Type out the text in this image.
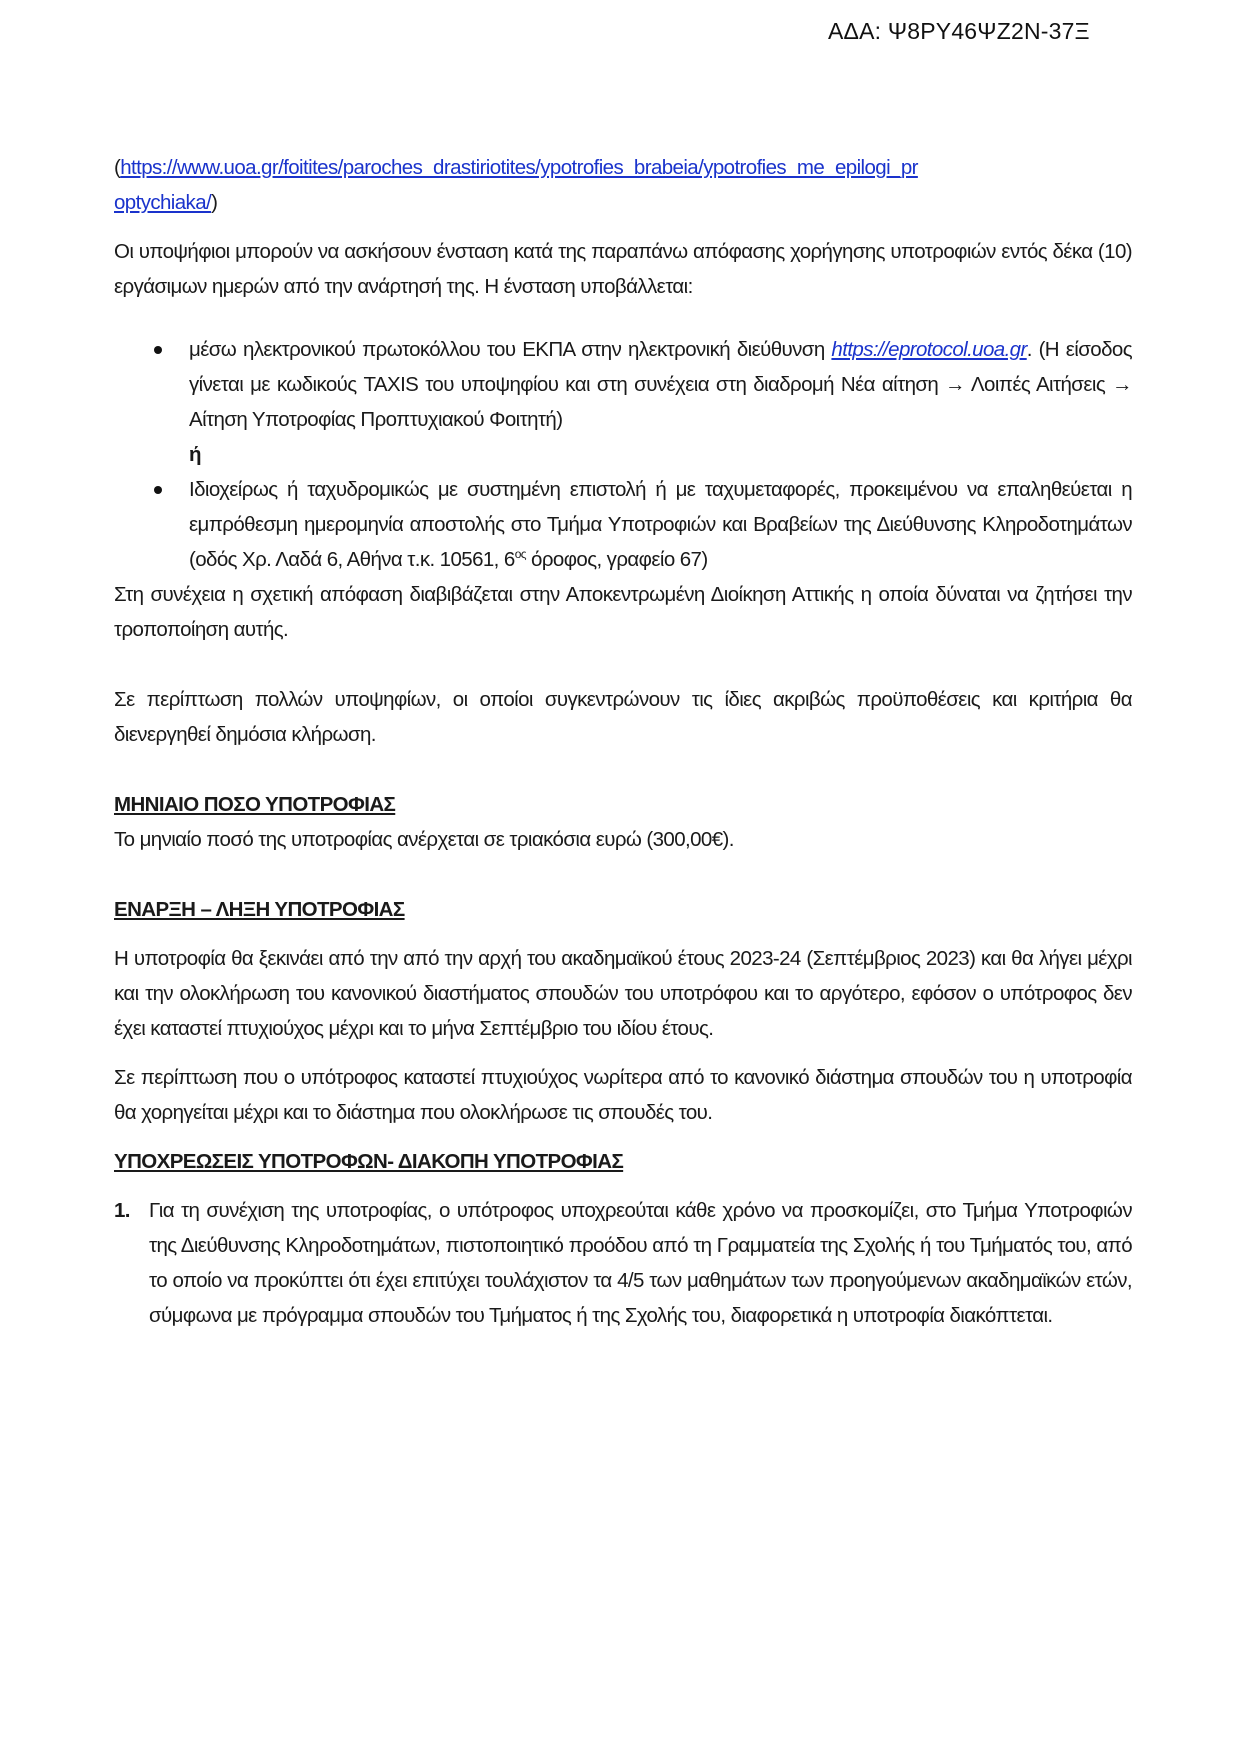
ΑΔΑ: Ψ8ΡΥ46ΨΖ2Ν-37Ξ

(https://www.uoa.gr/foitites/paroches_drastiriotites/ypotrofies_brabeia/ypotrofies_me_epilogi_pr
optychiaka/)

Οι υποψήφιοι μπορούν να ασκήσουν ένσταση κατά της παραπάνω απόφασης χορήγησης υποτροφιών εντός δέκα (10) εργάσιμων ημερών από την ανάρτησή της. Η ένσταση υποβάλλεται:

μέσω ηλεκτρονικού πρωτοκόλλου του ΕΚΠΑ στην ηλεκτρονική διεύθυνση https://eprotocol.uoa.gr. (Η είσοδος γίνεται με κωδικούς TAXIS του υποψηφίου και στη συνέχεια στη διαδρομή Νέα αίτηση → Λοιπές Αιτήσεις → Αίτηση Υποτροφίας Προπτυχιακού Φοιτητή)
ή
Ιδιοχείρως ή ταχυδρομικώς με συστημένη επιστολή ή με ταχυμεταφορές, προκειμένου να επαληθεύεται η εμπρόθεσμη ημερομηνία αποστολής στο Τμήμα Υποτροφιών και Βραβείων της Διεύθυνσης Κληροδοτημάτων (οδός Χρ. Λαδά 6, Αθήνα τ.κ. 10561, $6^{o\varsigma}$ όροφος, γραφείο 67)

Στη συνέχεια η σχετική απόφαση διαβιβάζεται στην Αποκεντρωμένη Διοίκηση Αττικής η οποία δύναται να ζητήσει την τροποποίηση αυτής.

Σε περίπτωση πολλών υποψηφίων, οι οποίοι συγκεντρώνουν τις ίδιες ακριβώς προϋποθέσεις και κριτήρια θα διενεργηθεί δημόσια κλήρωση.

ΜΗΝΙΑΙΟ ΠΟΣΟ ΥΠΟΤΡΟΦΙΑΣ

Το μηνιαίο ποσό της υποτροφίας ανέρχεται σε τριακόσια ευρώ (300,00€).

ΕΝΑΡΞΗ – ΛΗΞΗ ΥΠΟΤΡΟΦΙΑΣ

Η υποτροφία θα ξεκινάει από την από την αρχή του ακαδημαϊκού έτους 2023-24 (Σεπτέμβριος 2023) και θα λήγει μέχρι και την ολοκλήρωση του κανονικού διαστήματος σπουδών του υποτρόφου και το αργότερο, εφόσον ο υπότροφος δεν έχει καταστεί πτυχιούχος μέχρι και το μήνα Σεπτέμβριο του ιδίου έτους.

Σε περίπτωση που ο υπότροφος καταστεί πτυχιούχος νωρίτερα από το κανονικό διάστημα σπουδών του η υποτροφία θα χορηγείται μέχρι και το διάστημα που ολοκλήρωσε τις σπουδές του.

ΥΠΟΧΡΕΩΣΕΙΣ ΥΠΟΤΡΟΦΩΝ- ΔΙΑΚΟΠΗ ΥΠΟΤΡΟΦΙΑΣ

1. Για τη συνέχιση της υποτροφίας, ο υπότροφος υποχρεούται κάθε χρόνο να προσκομίζει, στο Τμήμα Υποτροφιών της Διεύθυνσης Κληροδοτημάτων, πιστοποιητικό προόδου από τη Γραμματεία της Σχολής ή του Τμήματός του, από το οποίο να προκύπτει ότι έχει επιτύχει τουλάχιστον τα 4/5 των μαθημάτων των προηγούμενων ακαδημαϊκών ετών, σύμφωνα με πρόγραμμα σπουδών του Τμήματος ή της Σχολής του, διαφορετικά η υποτροφία διακόπτεται.
